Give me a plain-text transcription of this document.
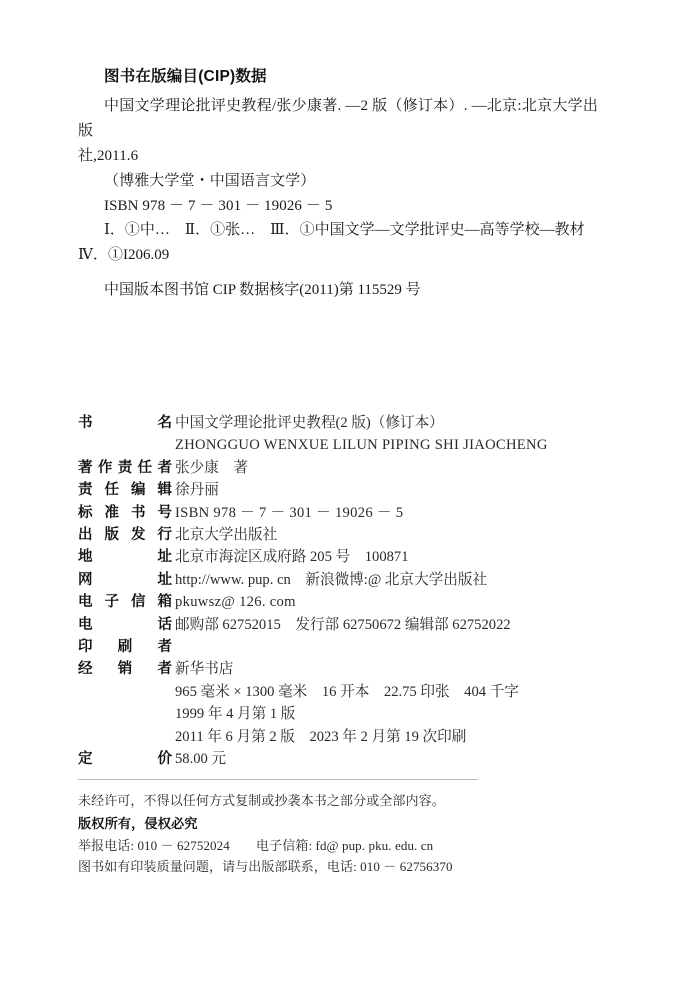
图书在版编目(CIP)数据
中国文学理论批评史教程/张少康著. —2 版（修订本）. —北京:北京大学出版
社,2011.6
（博雅大学堂・中国语言文学）
ISBN 978 － 7 － 301 － 19026 － 5
Ⅰ．①中…　Ⅱ．①张…　Ⅲ．①中国文学—文学批评史—高等学校—教材
Ⅳ．①I206.09
中国版本图书馆 CIP 数据核字(2011)第 115529 号
书	名 中国文学理论批评史教程(2 版)（修订本）

ZHONGGUO WENXUE LILUN PIPING SHI JIAOCHENG
著 作 责 任 者 张少康　著
责 任 编 辑 徐丹丽
标 准 书 号 ISBN 978 － 7 － 301 － 19026 － 5
出 版 发 行 北京大学出版社
地	址 北京市海淀区成府路 205 号　100871
网	址 http://www. pup. cn　新浪微博:@ 北京大学出版社
电 子 信 箱 pkuwsz@ 126. com
电	话 邮购部 62752015　发行部 62750672 编辑部 62752022
印 刷 者
经 销 者 新华书店

965 毫米 × 1300 毫米　16 开本　22.75 印张　404 千字

1999 年 4 月第 1 版

2011 年 6 月第 2 版　2023 年 2 月第 19 次印刷
定	价 58.00 元
未经许可，不得以任何方式复制或抄袭本书之部分或全部内容。
版权所有，侵权必究
举报电话: 010 － 62752024　　电子信箱: fd@ pup. pku. edu. cn
图书如有印装质量问题，请与出版部联系，电话: 010 － 62756370
